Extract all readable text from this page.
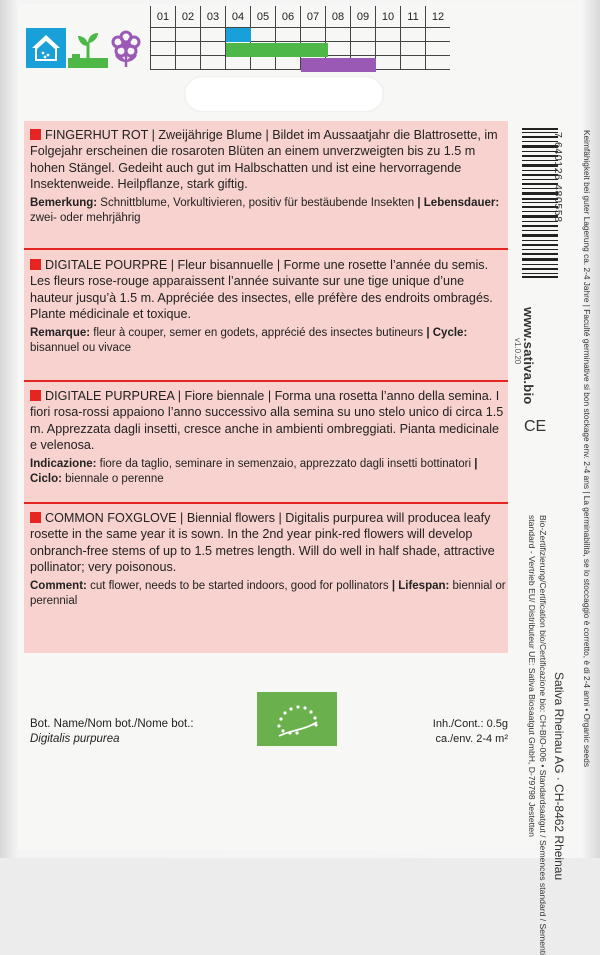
01	02	03	04	05	06	07	08	09	10	11	12

FINGERHUT ROT | Zweijährige Blume | Bildet im Aussaatjahr die Blattrosette, im Folgejahr erscheinen die rosaroten Blüten an einem unverzweigten bis zu 1.5 m hohen Stängel. Gedeiht auch gut im Halbschatten und ist eine hervorragende Insektenweide. Heilpflanze, stark giftig.

Bemerkung: Schnittblume, Vorkultivieren, positiv für bestäubende Insekten | Lebensdauer: zwei- oder mehrjährig

DIGITALE POURPRE | Fleur bisannuelle | Forme une rosette l’année du semis. Les fleurs rose-rouge apparaissent l’année suivante sur une tige unique d’une hauteur jusqu’à 1.5 m. Appréciée des insectes, elle préfère des endroits ombragés. Plante médicinale et toxique.

Remarque: fleur à couper, semer en godets, apprécié des insectes butineurs | Cycle: bisannuel ou vivace

DIGITALE PURPUREA | Fiore biennale | Forma una rosetta l’anno della semina. I fiori rosa-rossi appaiono l’anno successivo alla semina su uno stelo unico di circa 1.5 m. Apprezzata dagli insetti, cresce anche in ambienti ombreggiati. Pianta medicinale e velenosa.

Indicazione: fiore da taglio, seminare in semenzaio, apprezzato dagli insetti bottinatori | Ciclo: biennale o perenne

COMMON FOXGLOVE | Biennial flowers | Digitalis purpurea will producea leafy rosette in the same year it is sown. In the 2nd year pink-red flowers will develop onbranch-free stems of up to 1.5 metres length. Will do well in half shade, attractive pollinator; very poisonous.

Comment: cut flower, needs to be started indoors, good for pollinators | Lifespan: biennial or perennial

Bot. Name/Nom bot./Nome bot.:
Digitalis purpurea
Inh./Cont.: 0.5g
ca./env. 2-4 m²
7 640126 480558 Keimfähigkeit bei guter Lagerung ca. 2-4 Jahre | Faculté germinative si bon stockage env. 2-4 ans | La germinabilità, se lo stoccaggio è corretto, è di 2-4 anni • Organic seeds
www.sativa.bio
v1.0.20
CE
Bio-Zertifizierung/Certification bio/Certificazione bio: CH-BIO-006 • Standardsaatgut / Semences standard / Sementi
standard - Vertrieb EU/ Distributeur UE: Sativa Biosaatgut GmbH, D-79798 Jestetten Sativa Rheinau AG · CH-8462 Rheinau
